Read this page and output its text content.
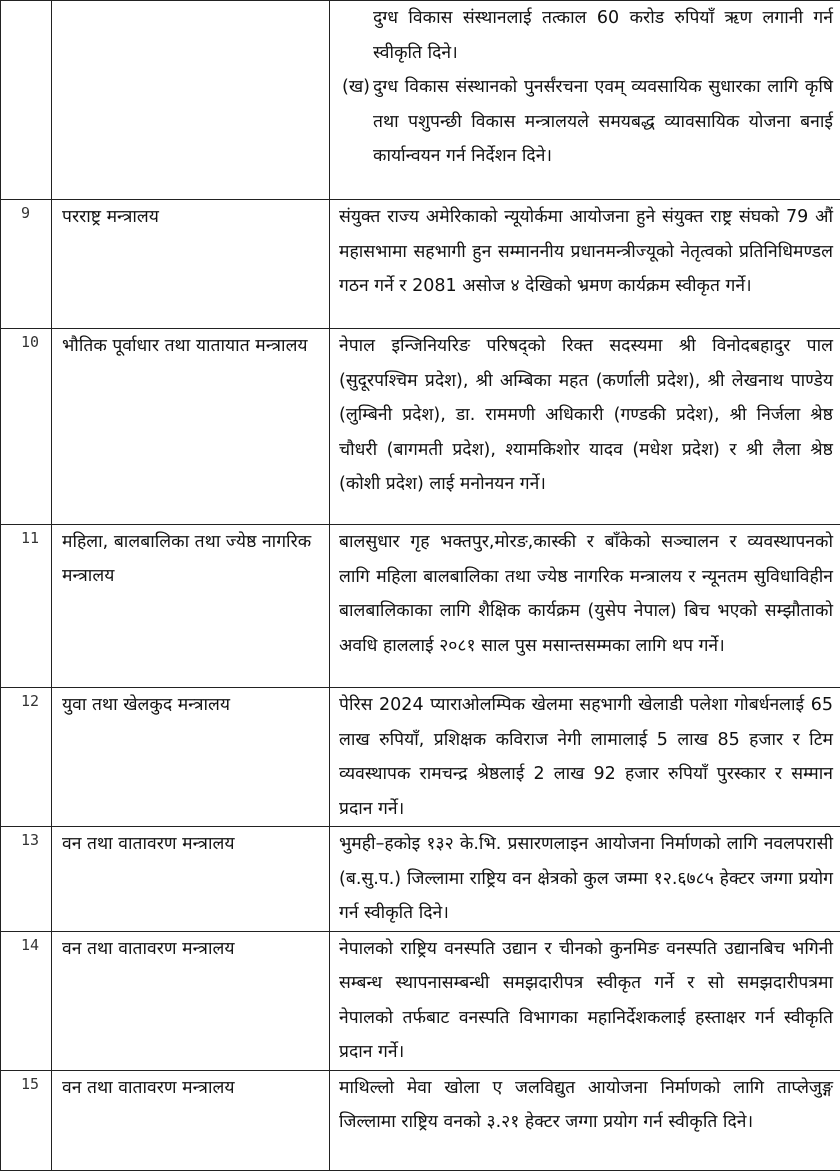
		दुग्ध विकास संस्थानलाई तत्काल 60 करोड रुपियाँ ऋण लगानी गर्न स्वीकृति दिने।

(ख) दुग्ध विकास संस्थानको पुनर्संरचना एवम् व्यवसायिक सुधारका लागि कृषि तथा पशुपन्छी विकास मन्त्रालयले समयबद्ध व्यावसायिक योजना बनाई कार्यान्वयन गर्न निर्देशन दिने।

9	परराष्ट्र मन्त्रालय	संयुक्त राज्य अमेरिकाको न्यूयोर्कमा आयोजना हुने संयुक्त राष्ट्र संघको 79 औं महासभामा सहभागी हुन सम्माननीय प्रधानमन्त्रीज्यूको नेतृत्वको प्रतिनिधिमण्डल गठन गर्ने र 2081 असोज ४ देखिको भ्रमण कार्यक्रम स्वीकृत गर्ने।
10	भौतिक पूर्वाधार तथा यातायात मन्त्रालय	नेपाल इन्जिनियरिङ परिषद्को रिक्त सदस्यमा श्री विनोदबहादुर पाल (सुदूरपश्चिम प्रदेश), श्री अम्बिका महत (कर्णाली प्रदेश), श्री लेखनाथ पाण्डेय (लुम्बिनी प्रदेश), डा. राममणी अधिकारी (गण्डकी प्रदेश), श्री निर्जला श्रेष्ठ चौधरी (बागमती प्रदेश), श्यामकिशोर यादव (मधेश प्रदेश) र श्री लैला श्रेष्ठ (कोशी प्रदेश) लाई मनोनयन गर्ने।
11	महिला, बालबालिका तथा ज्येष्ठ नागरिक मन्त्रालय	बालसुधार गृह भक्तपुर,मोरङ,कास्की र बाँकेको सञ्चालन र व्यवस्थापनको लागि महिला बालबालिका तथा ज्येष्ठ नागरिक मन्त्रालय र न्यूनतम सुविधाविहीन बालबालिकाका लागि शैक्षिक कार्यक्रम (युसेप नेपाल) बिच भएको सम्झौताको अवधि हाललाई २०८१ साल पुस मसान्तसम्मका लागि थप गर्ने।
12	युवा तथा खेलकुद मन्त्रालय	पेरिस 2024 प्याराओलम्पिक खेलमा सहभागी खेलाडी पलेशा गोबर्धनलाई 65 लाख रुपियाँ, प्रशिक्षक कविराज नेगी लामालाई 5 लाख 85 हजार र टिम व्यवस्थापक रामचन्द्र श्रेष्ठलाई 2 लाख 92 हजार रुपियाँ पुरस्कार र सम्मान प्रदान गर्ने।
13	वन तथा वातावरण मन्त्रालय	भुमही–हकोइ १३२ के.भि. प्रसारणलाइन आयोजना निर्माणको लागि नवलपरासी (ब.सु.प.) जिल्लामा राष्ट्रिय वन क्षेत्रको कुल जम्मा १२.६७८५ हेक्टर जग्गा प्रयोग गर्न स्वीकृति दिने।
14	वन तथा वातावरण मन्त्रालय	नेपालको राष्ट्रिय वनस्पति उद्यान र चीनको कुनमिङ वनस्पति उद्यानबिच भगिनी सम्बन्ध स्थापनासम्बन्धी समझदारीपत्र स्वीकृत गर्ने र सो समझदारीपत्रमा नेपालको तर्फबाट वनस्पति विभागका महानिर्देशकलाई हस्ताक्षर गर्न स्वीकृति प्रदान गर्ने।
15	वन तथा वातावरण मन्त्रालय	माथिल्लो मेवा खोला ए जलविद्युत आयोजना निर्माणको लागि ताप्लेजुङ्ग जिल्लामा राष्ट्रिय वनको ३.२१ हेक्टर जग्गा प्रयोग गर्न स्वीकृति दिने।
